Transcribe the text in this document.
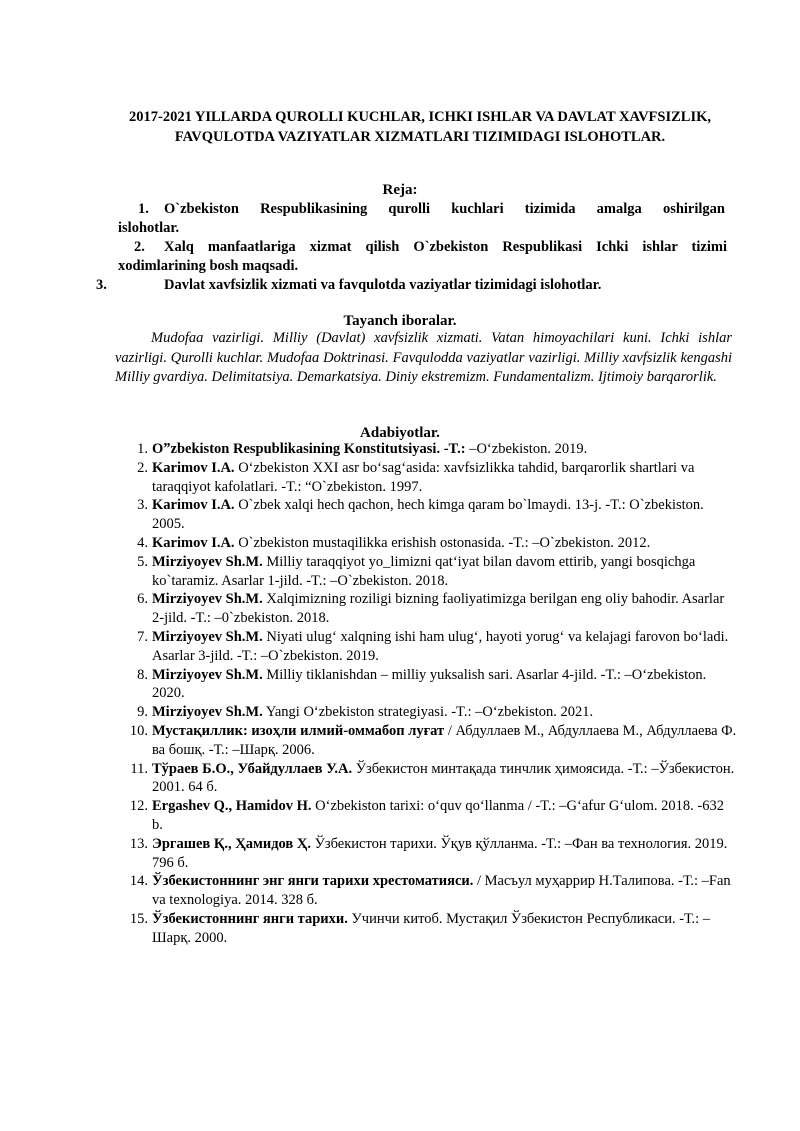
2017-2021 YILLARDA QUROLLI KUCHLAR, ICHKI ISHLAR VA DAVLAT XAVFSIZLIK, FAVQULOTDA VAZIYATLAR XIZMATLARI TIZIMIDAGI ISLOHOTLAR.
Reja:
1. O`zbekiston Respublikasining qurolli kuchlari tizimida amalga oshirilgan
islohotlar.
2. Xalq manfaatlariga xizmat qilish O`zbekiston Respublikasi Ichki ishlar tizimi
xodimlarining bosh maqsadi.
3.	Davlat xavfsizlik xizmati va favqulotda vaziyatlar tizimidagi islohotlar.
Tayanch iboralar.
Mudofaa vazirligi. Milliy (Davlat) xavfsizlik xizmati. Vatan himoyachilari kuni. Ichki ishlar vazirligi. Qurolli kuchlar. Mudofaa Doktrinasi. Favqulodda vaziyatlar vazirligi. Milliy xavfsizlik kengashi Milliy gvardiya. Delimitatsiya. Demarkatsiya. Diniy ekstremizm. Fundamentalizm. Ijtimoiy barqarorlik.
Adabiyotlar.
1. Oˮzbekiston Respublikasining Konstitutsiyasi. -T.: –O‘zbekiston. 2019.
2. Karimov I.A. O‘zbekiston XXI asr bo‘sag‘asida: xavfsizlikka tahdid, barqarorlik shartlari va taraqqiyot kafolatlari. -T.: “O`zbekiston. 1997.
3. Karimov I.A. O`zbek xalqi hech qachon, hech kimga qaram bo`lmaydi. 13-j. -T.: O`zbekiston. 2005.
4. Karimov I.A. O`zbekiston mustaqilikka erishish ostonasida. -T.: –O`zbekiston. 2012.
5. Mirziyoyev Sh.M. Milliy taraqqiyot yo_limizni qat‘iyat bilan davom ettirib, yangi bosqichga ko`taramiz. Asarlar 1-jild. -T.: –O`zbekiston. 2018.
6. Mirziyoyev Sh.M. Xalqimizning roziligi bizning faoliyatimizga berilgan eng oliy bahodir. Asarlar 2-jild. -T.: –0`zbekiston. 2018.
7. Mirziyoyev Sh.M. Niyati ulug‘ xalqning ishi ham ulug‘, hayoti yorug‘ va kelajagi farovon bo‘ladi. Asarlar 3-jild. -T.: –O`zbekiston. 2019.
8. Mirziyoyev Sh.M. Milliy tiklanishdan – milliy yuksalish sari. Asarlar 4-jild. -T.: –O‘zbekiston. 2020.
9. Mirziyoyev Sh.M. Yangi O‘zbekiston strategiyasi. -T.: –O‘zbekiston. 2021.
10. Мустақиллик: изоҳли илмий-оммабоп луғат / Абдуллаев М., Абдуллаева М., Абдуллаева Ф. ва бошқ. -Т.: –Шарқ. 2006.
11. Тўраев Б.О., Убайдуллаев У.А. Ўзбекистон минтақада тинчлик ҳимоясида. -Т.: –Ўзбекистон. 2001. 64 б.
12. Ergashev Q., Hamidov H. O‘zbekiston tarixi: o‘quv qo‘llanma / -T.: –G‘afur G‘ulom. 2018. -632 b.
13. Эргашев Қ., Ҳамидов Ҳ. Ўзбекистон тарихи. Ўқув қўлланма. -Т.: –Фан ва технология. 2019. 796 б.
14. Ўзбекистоннинг энг янги тарихи хрестоматияси. / Масъул муҳаррир Н.Талипова. -Т.: –Fan va texnologiya. 2014. 328 б.
15. Ўзбекистоннинг янги тарихи. Учинчи китоб. Мустақил Ўзбекистон Республикаси. -Т.: –Шарқ. 2000.
